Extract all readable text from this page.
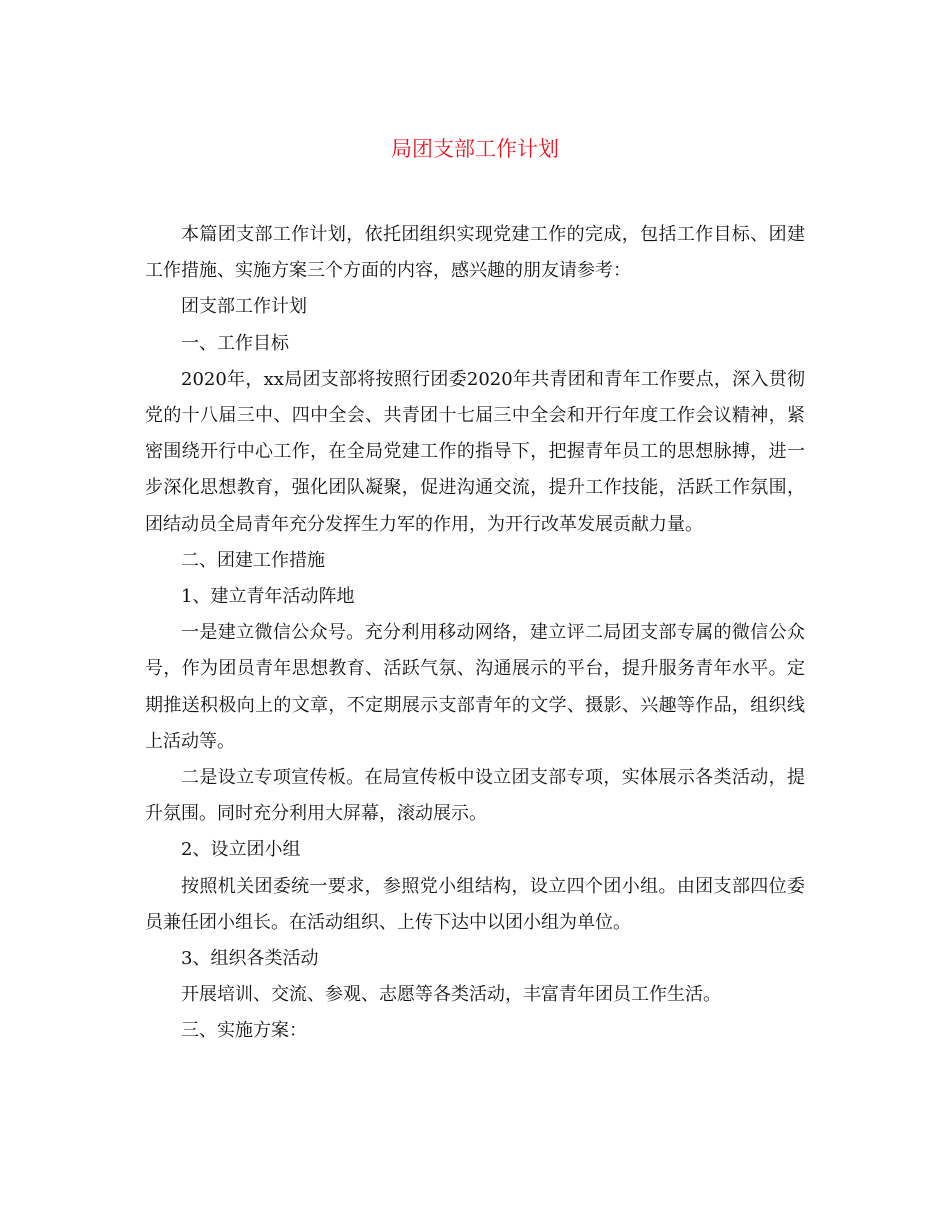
局团支部工作计划

本篇团支部工作计划，依托团组织实现党建工作的完成，包括工作目标、团建工作措施、实施方案三个方面的内容，感兴趣的朋友请参考：

团支部工作计划

一、工作目标

2020年，xx局团支部将按照行团委2020年共青团和青年工作要点，深入贯彻党的十八届三中、四中全会、共青团十七届三中全会和开行年度工作会议精神，紧密围绕开行中心工作，在全局党建工作的指导下，把握青年员工的思想脉搏，进一步深化思想教育，强化团队凝聚，促进沟通交流，提升工作技能，活跃工作氛围，团结动员全局青年充分发挥生力军的作用，为开行改革发展贡献力量。

二、团建工作措施

1、建立青年活动阵地

一是建立微信公众号。充分利用移动网络，建立评二局团支部专属的微信公众号，作为团员青年思想教育、活跃气氛、沟通展示的平台，提升服务青年水平。定期推送积极向上的文章，不定期展示支部青年的文学、摄影、兴趣等作品，组织线上活动等。

二是设立专项宣传板。在局宣传板中设立团支部专项，实体展示各类活动，提升氛围。同时充分利用大屏幕，滚动展示。

2、设立团小组

按照机关团委统一要求，参照党小组结构，设立四个团小组。由团支部四位委员兼任团小组长。在活动组织、上传下达中以团小组为单位。

3、组织各类活动

开展培训、交流、参观、志愿等各类活动，丰富青年团员工作生活。

三、实施方案：
